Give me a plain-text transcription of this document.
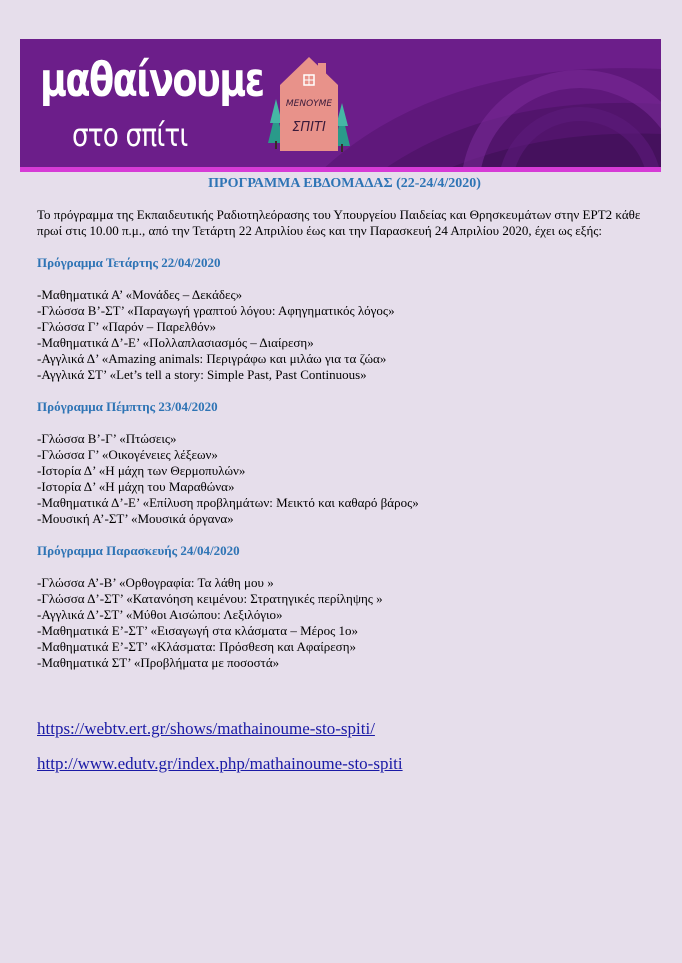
μαθαίνουμε
στο σπίτι
ΜΕΝΟΥΜΕ
ΣΠΙΤΙ

ΠΡΟΓΡΑΜΜΑ ΕΒΔΟΜΑΔΑΣ (22-24/4/2020)

Το πρόγραμμα της Εκπαιδευτικής Ραδιοτηλεόρασης του Υπουργείου Παιδείας και Θρησκευμάτων στην ΕΡΤ2 κάθε πρωί στις 10.00 π.μ., από την Τετάρτη 22 Απριλίου έως και την Παρασκευή 24 Απριλίου 2020, έχει ως εξής:

Πρόγραμμα Τετάρτης 22/04/2020

-Μαθηματικά Α’ «Μονάδες – Δεκάδες»
-Γλώσσα Β’-ΣΤ’ «Παραγωγή γραπτού λόγου: Αφηγηματικός λόγος»
-Γλώσσα Γ’ «Παρόν – Παρελθόν»
-Μαθηματικά Δ’-Ε’ «Πολλαπλασιασμός – Διαίρεση»
-Αγγλικά Δ’ «Amazing animals: Περιγράφω και μιλάω για τα ζώα»
-Αγγλικά ΣΤ’ «Let’s tell a story: Simple Past, Past Continuous»

Πρόγραμμα Πέμπτης 23/04/2020

-Γλώσσα Β’-Γ’ «Πτώσεις»
-Γλώσσα Γ’ «Οικογένειες λέξεων»
-Ιστορία Δ’ «Η μάχη των Θερμοπυλών»
-Ιστορία Δ’ «Η μάχη του Μαραθώνα»
-Μαθηματικά Δ’-Ε’ «Επίλυση προβλημάτων: Μεικτό και καθαρό βάρος»
-Μουσική Α’-ΣΤ’ «Μουσικά όργανα»

Πρόγραμμα Παρασκευής 24/04/2020

-Γλώσσα Α’-Β’ «Ορθογραφία: Τα λάθη μου »
-Γλώσσα Δ’-ΣΤ’ «Κατανόηση κειμένου: Στρατηγικές περίληψης »
-Αγγλικά Δ’-ΣΤ’ «Μύθοι Αισώπου: Λεξιλόγιο»
-Μαθηματικά Ε’-ΣΤ’ «Εισαγωγή στα κλάσματα – Μέρος 1ο»
-Μαθηματικά Ε’-ΣΤ’ «Κλάσματα: Πρόσθεση και Αφαίρεση»
-Μαθηματικά ΣΤ’ «Προβλήματα με ποσοστά»
https://webtv.ert.gr/shows/mathainoume-sto-spiti/
http://www.edutv.gr/index.php/mathainoume-sto-spiti
